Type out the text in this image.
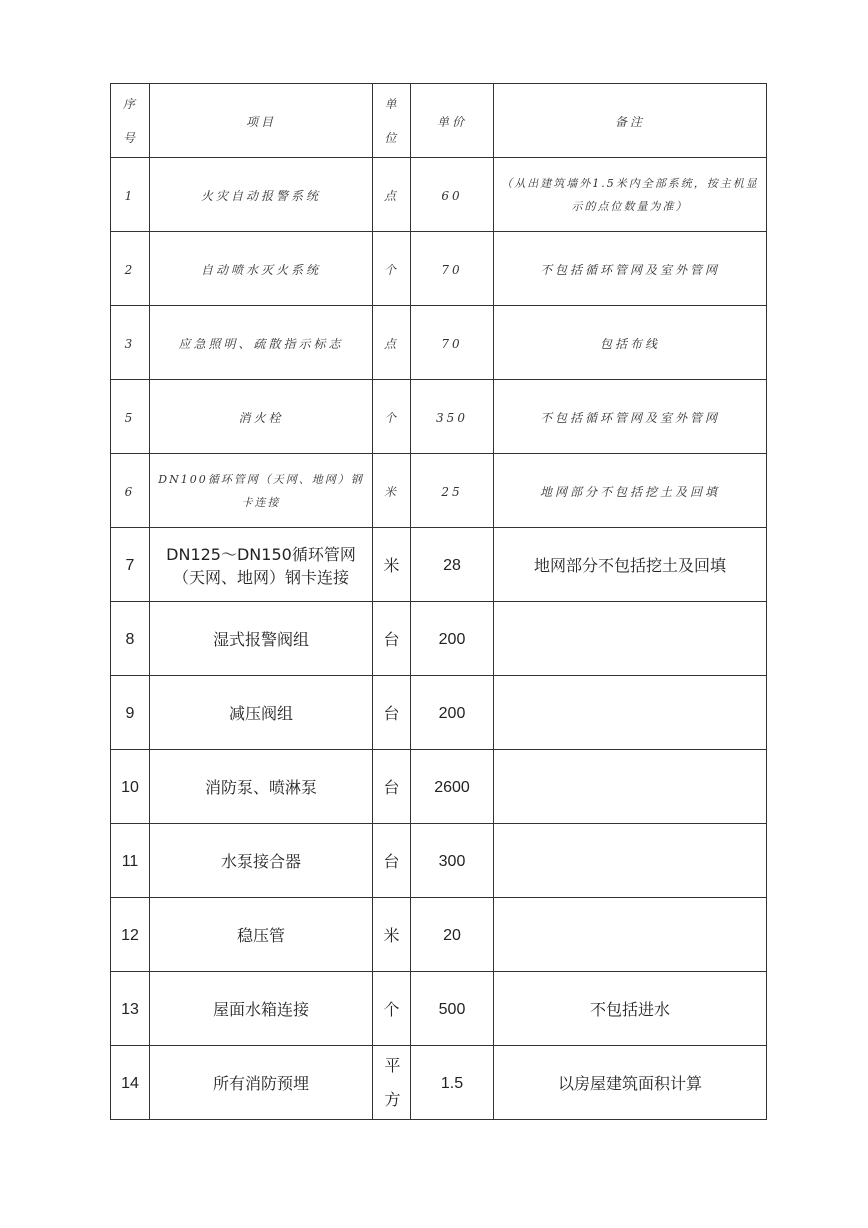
序号	项目	单位	单价	备注
1	火灾自动报警系统	点	60	（从出建筑墙外1.5米内全部系统，按主机显示的点位数量为准）
2	自动喷水灭火系统	个	70	不包括循环管网及室外管网
3	应急照明、疏散指示标志	点	70	包括布线
5	消火栓	个	350	不包括循环管网及室外管网
6	DN100循环管网（天网、地网）钢卡连接	米	25	地网部分不包括挖土及回填
7	DN125～DN150循环管网（天网、地网）钢卡连接	米	28	地网部分不包括挖土及回填
8	湿式报警阀组	台	200	
9	减压阀组	台	200	
10	消防泵、喷淋泵	台	2600	
11	水泵接合器	台	300	
12	稳压管	米	20	
13	屋面水箱连接	个	500	不包括进水
14	所有消防预埋	平方	1.5	以房屋建筑面积计算
